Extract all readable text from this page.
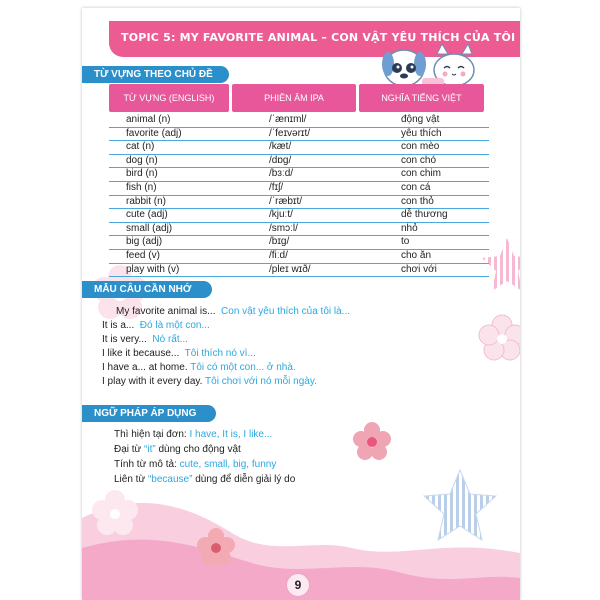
TOPIC 5: MY FAVORITE ANIMAL – CON VẬT YÊU THÍCH CỦA TÔI
TỪ VỰNG THEO CHỦ ĐỀ
TỪ VỰNG (ENGLISH)	PHIÊN ÂM IPA	NGHĨA TIẾNG VIỆT
animal (n)	/ˈænɪml/	động vật
favorite (adj)	/ˈfeɪvərɪt/	yêu thích
cat (n)	/kæt/	con mèo
dog (n)	/dɒɡ/	con chó
bird (n)	/bɜːd/	con chim
fish (n)	/fɪʃ/	con cá
rabbit (n)	/ˈræbɪt/	con thỏ
cute (adj)	/kjuːt/	dễ thương
small (adj)	/smɔːl/	nhỏ
big (adj)	/bɪɡ/	to
feed (v)	/fiːd/	cho ăn
play with (v)	/pleɪ wɪð/	chơi với
MẪU CÂU CẦN NHỚ
My favorite animal is... Con vật yêu thích của tôi là...
It is a... Đó là một con...
It is very... Nó rất...
I like it because... Tôi thích nó vì...
I have a... at home. Tôi có một con... ở nhà.
I play with it every day. Tôi chơi với nó mỗi ngày.
NGỮ PHÁP ÁP DỤNG
Thì hiện tại đơn: I have, It is, I like...
Đại từ “it” dùng cho động vật
Tính từ mô tả: cute, small, big, funny
Liên từ “because” dùng để diễn giải lý do
9
